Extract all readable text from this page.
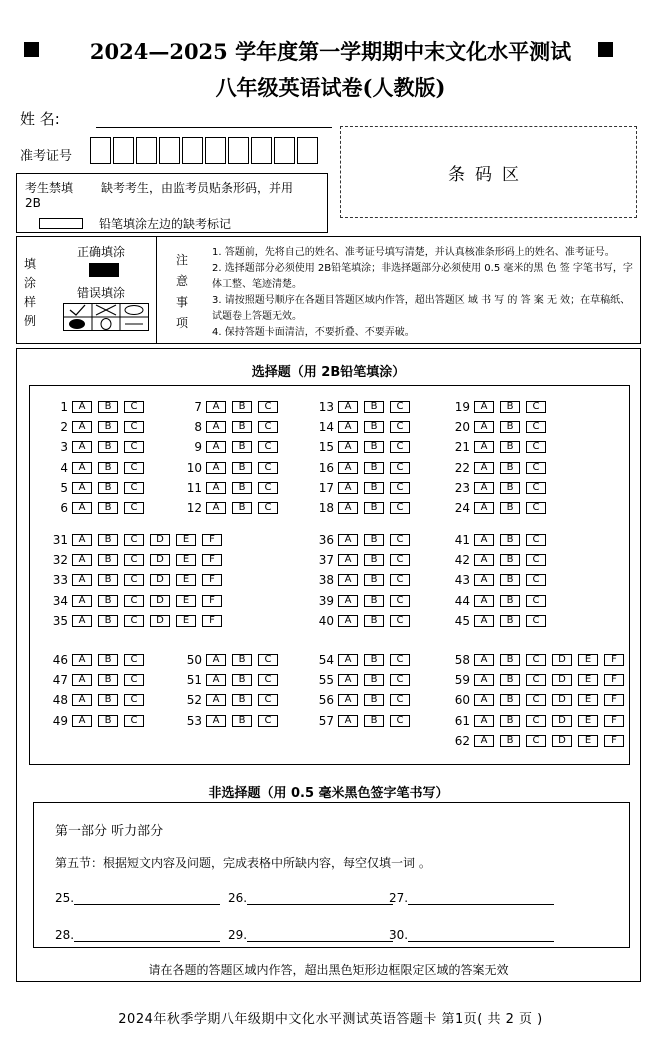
2024—2025 学年度第一学期期中末文化水平测试
八年级英语试卷(人教版)
姓 名:
准考证号
条码区
考生禁填 缺考考生，由监考员贴条形码，并用
2B
铅笔填涂左边的缺考标记
填
涂
样
例
正确填涂
错误填涂
注
意
事
项
1. 答题前，先将自己的姓名、准考证号填写清楚，并认真核准条形码上的姓名、准考证号。
2. 选择题部分必须使用 2B铅笔填涂；非选择题部分必须使用 0.5 毫米的黑 色 签 字笔书写，字体工整、笔迹清楚。
3. 请按照题号顺序在各题目答题区域内作答，超出答题区 域 书 写 的 答 案 无 效；在草稿纸、试题卷上答题无效。
4. 保持答题卡面清洁，不要折叠、不要弄破。
选择题（用 2B铅笔填涂）
1	A	B	C
2	A	B	C
3	A	B	C
4	A	B	C
5	A	B	C
6	A	B	C
7	A	B	C
8	A	B	C
9	A	B	C
10	A	B	C
11	A	B	C
12	A	B	C
13	A	B	C
14	A	B	C
15	A	B	C
16	A	B	C
17	A	B	C
18	A	B	C
19	A	B	C
20	A	B	C
21	A	B	C
22	A	B	C
23	A	B	C
24	A	B	C
31	A	B	C	D	E	F
32	A	B	C	D	E	F
33	A	B	C	D	E	F
34	A	B	C	D	E	F
35	A	B	C	D	E	F
36	A	B	C
37	A	B	C
38	A	B	C
39	A	B	C
40	A	B	C
41	A	B	C
42	A	B	C
43	A	B	C
44	A	B	C
45	A	B	C
46	A	B	C
47	A	B	C
48	A	B	C
49	A	B	C
50	A	B	C
51	A	B	C
52	A	B	C
53	A	B	C
54	A	B	C
55	A	B	C
56	A	B	C
57	A	B	C
58	A	B	C	D	E	F
59	A	B	C	D	E	F
60	A	B	C	D	E	F
61	A	B	C	D	E	F
62	A	B	C	D	E	F
非选择题（用 0.5 毫米黑色签字笔书写）
第一部分 听力部分
第五节：根据短文内容及问题，完成表格中所缺内容，每空仅填一词 。
25.	26.	27.
28.	29.	30.
请在各题的答题区域内作答，超出黑色矩形边框限定区域的答案无效
2024年秋季学期八年级期中文化水平测试英语答题卡 第1页( 共 2 页 )
